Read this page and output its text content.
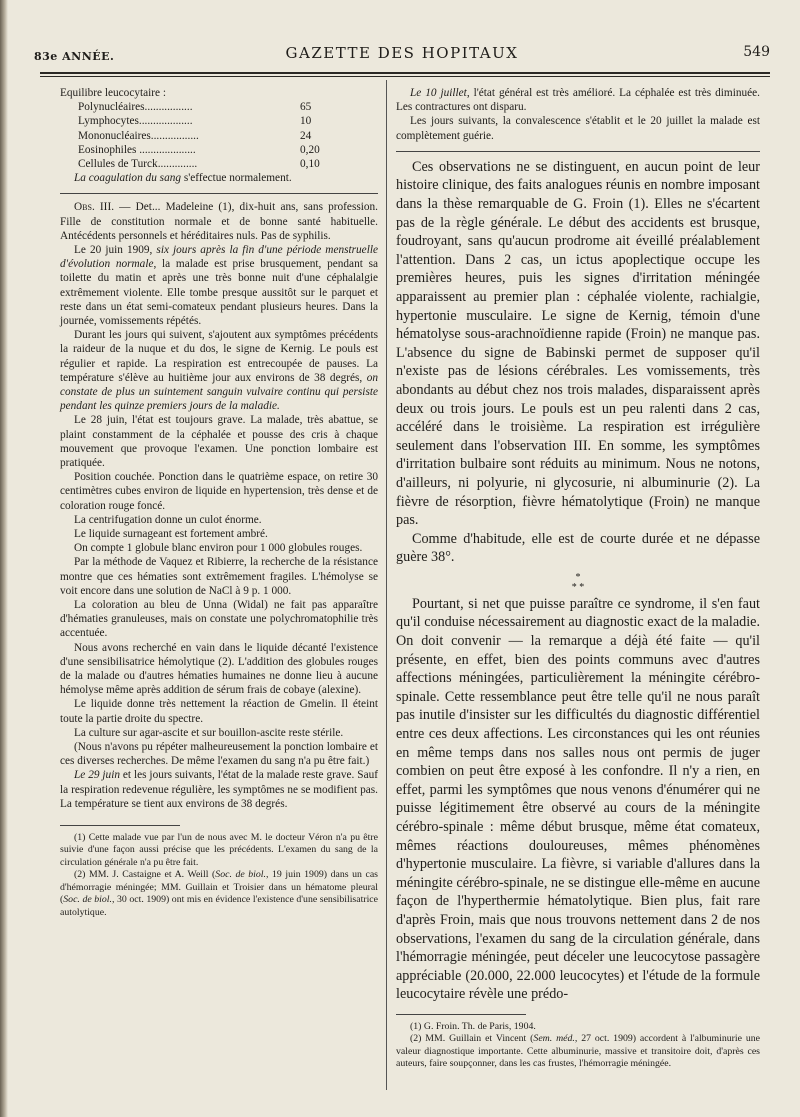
83e ANNÉE.	GAZETTE DES HOPITAUX	549
Equilibre leucocytaire :
Polynucléaires.................	65
Lymphocytes...................	10
Mononucléaires.................	24
Eosinophiles ....................	0,20
Cellules de Turck..............	0,10

La coagulation du sang s'effectue normalement.

Obs. III. — Det... Madeleine (1), dix-huit ans, sans profession. Fille de constitution normale et de bonne santé habituelle. Antécédents personnels et héréditaires nuls. Pas de syphilis.

Le 20 juin 1909, six jours après la fin d'une période menstruelle d'évolution normale, la malade est prise brusquement, pendant sa toilette du matin et après une très bonne nuit d'une céphalalgie extrêmement violente. Elle tombe presque aussitôt sur le parquet et reste dans un état semi-comateux pendant plusieurs heures. Dans la journée, vomissements répétés.

Durant les jours qui suivent, s'ajoutent aux symptômes précédents la raideur de la nuque et du dos, le signe de Kernig. Le pouls est régulier et rapide. La respiration est entrecoupée de pauses. La température s'élève au huitième jour aux environs de 38 degrés, on constate de plus un suintement sanguin vulvaire continu qui persiste pendant les quinze premiers jours de la maladie.

Le 28 juin, l'état est toujours grave. La malade, très abattue, se plaint constamment de la céphalée et pousse des cris à chaque mouvement que provoque l'examen. Une ponction lombaire est pratiquée.

Position couchée. Ponction dans le quatrième espace, on retire 30 centimètres cubes environ de liquide en hypertension, très dense et de coloration rouge foncé.

La centrifugation donne un culot énorme.

Le liquide surnageant est fortement ambré.

On compte 1 globule blanc environ pour 1 000 globules rouges.

Par la méthode de Vaquez et Ribierre, la recherche de la résistance montre que ces hématies sont extrêmement fragiles. L'hémolyse se voit encore dans une solution de NaCl à 9 p. 1 000.

La coloration au bleu de Unna (Widal) ne fait pas apparaître d'hématies granuleuses, mais on constate une polychromatophilie très accentuée.

Nous avons recherché en vain dans le liquide décanté l'existence d'une sensibilisatrice hémolytique (2). L'addition des globules rouges de la malade ou d'autres hématies humaines ne donne lieu à aucune hémolyse même après addition de sérum frais de cobaye (alexine).

Le liquide donne très nettement la réaction de Gmelin. Il éteint toute la partie droite du spectre.

La culture sur agar-ascite et sur bouillon-ascite reste stérile.

(Nous n'avons pu répéter malheureusement la ponction lombaire et ces diverses recherches. De même l'examen du sang n'a pu être fait.)

Le 29 juin et les jours suivants, l'état de la malade reste grave. Sauf la respiration redevenue régulière, les symptômes ne se modifient pas. La température se tient aux environs de 38 degrés.

(1) Cette malade vue par l'un de nous avec M. le docteur Véron n'a pu être suivie d'une façon aussi précise que les précédents. L'examen du sang de la circulation générale n'a pu être fait.

(2) MM. J. Castaigne et A. Weill (Soc. de biol., 19 juin 1909) dans un cas d'hémorragie méningée; MM. Guillain et Troisier dans un hématome pleural (Soc. de biol., 30 oct. 1909) ont mis en évidence l'existence d'une sensibilisatrice autolytique.

Le 10 juillet, l'état général est très amélioré. La céphalée est très diminuée. Les contractures ont disparu.

Les jours suivants, la convalescence s'établit et le 20 juillet la malade est complètement guérie.

Ces observations ne se distinguent, en aucun point de leur histoire clinique, des faits analogues réunis en nombre imposant dans la thèse remarquable de G. Froin (1). Elles ne s'écartent pas de la règle générale. Le début des accidents est brusque, foudroyant, sans qu'aucun prodrome ait éveillé préalablement l'attention. Dans 2 cas, un ictus apoplectique occupe les premières heures, puis les signes d'irritation méningée apparaissent au premier plan : céphalée violente, rachialgie, hypertonie musculaire. Le signe de Kernig, témoin d'une hématolyse sous-arachnoïdienne rapide (Froin) ne manque pas. L'absence du signe de Babinski permet de supposer qu'il n'existe pas de lésions cérébrales. Les vomissements, très abondants au début chez nos trois malades, disparaissent après deux ou trois jours. Le pouls est un peu ralenti dans 2 cas, accéléré dans le troisième. La respiration est irrégulière seulement dans l'observation III. En somme, les symptômes d'irritation bulbaire sont réduits au minimum. Nous ne notons, d'ailleurs, ni polyurie, ni glycosurie, ni albuminurie (2). La fièvre de résorption, fièvre hématolytique (Froin) ne manque pas.

Comme d'habitude, elle est de courte durée et ne dépasse guère 38°.

*
* *

Pourtant, si net que puisse paraître ce syndrome, il s'en faut qu'il conduise nécessairement au diagnostic exact de la maladie. On doit convenir — la remarque a déjà été faite — qu'il présente, en effet, bien des points communs avec d'autres affections méningées, particulièrement la méningite cérébro-spinale. Cette ressemblance peut être telle qu'il ne nous paraît pas inutile d'insister sur les difficultés du diagnostic différentiel entre ces deux affections. Les circonstances qui les ont réunies en même temps dans nos salles nous ont permis de juger combien on peut être exposé à les confondre. Il n'y a rien, en effet, parmi les symptômes que nous venons d'énumérer qui ne puisse légitimement être observé au cours de la méningite cérébro-spinale : même début brusque, même état comateux, mêmes réactions douloureuses, mêmes phénomènes d'hypertonie musculaire. La fièvre, si variable d'allures dans la méningite cérébro-spinale, ne se distingue elle-même en aucune façon de l'hyperthermie hématolytique. Bien plus, fait rare d'après Froin, mais que nous trouvons nettement dans 2 de nos observations, l'examen du sang de la circulation générale, dans l'hémorragie méningée, peut déceler une leucocytose passagère appréciable (20.000, 22.000 leucocytes) et l'étude de la formule leucocytaire révèle une prédo-

(1) G. Froin. Th. de Paris, 1904.

(2) MM. Guillain et Vincent (Sem. méd., 27 oct. 1909) accordent à l'albuminurie une valeur diagnostique importante. Cette albuminurie, massive et transitoire doit, d'après ces auteurs, faire soupçonner, dans les cas frustes, l'hémorragie méningée.
